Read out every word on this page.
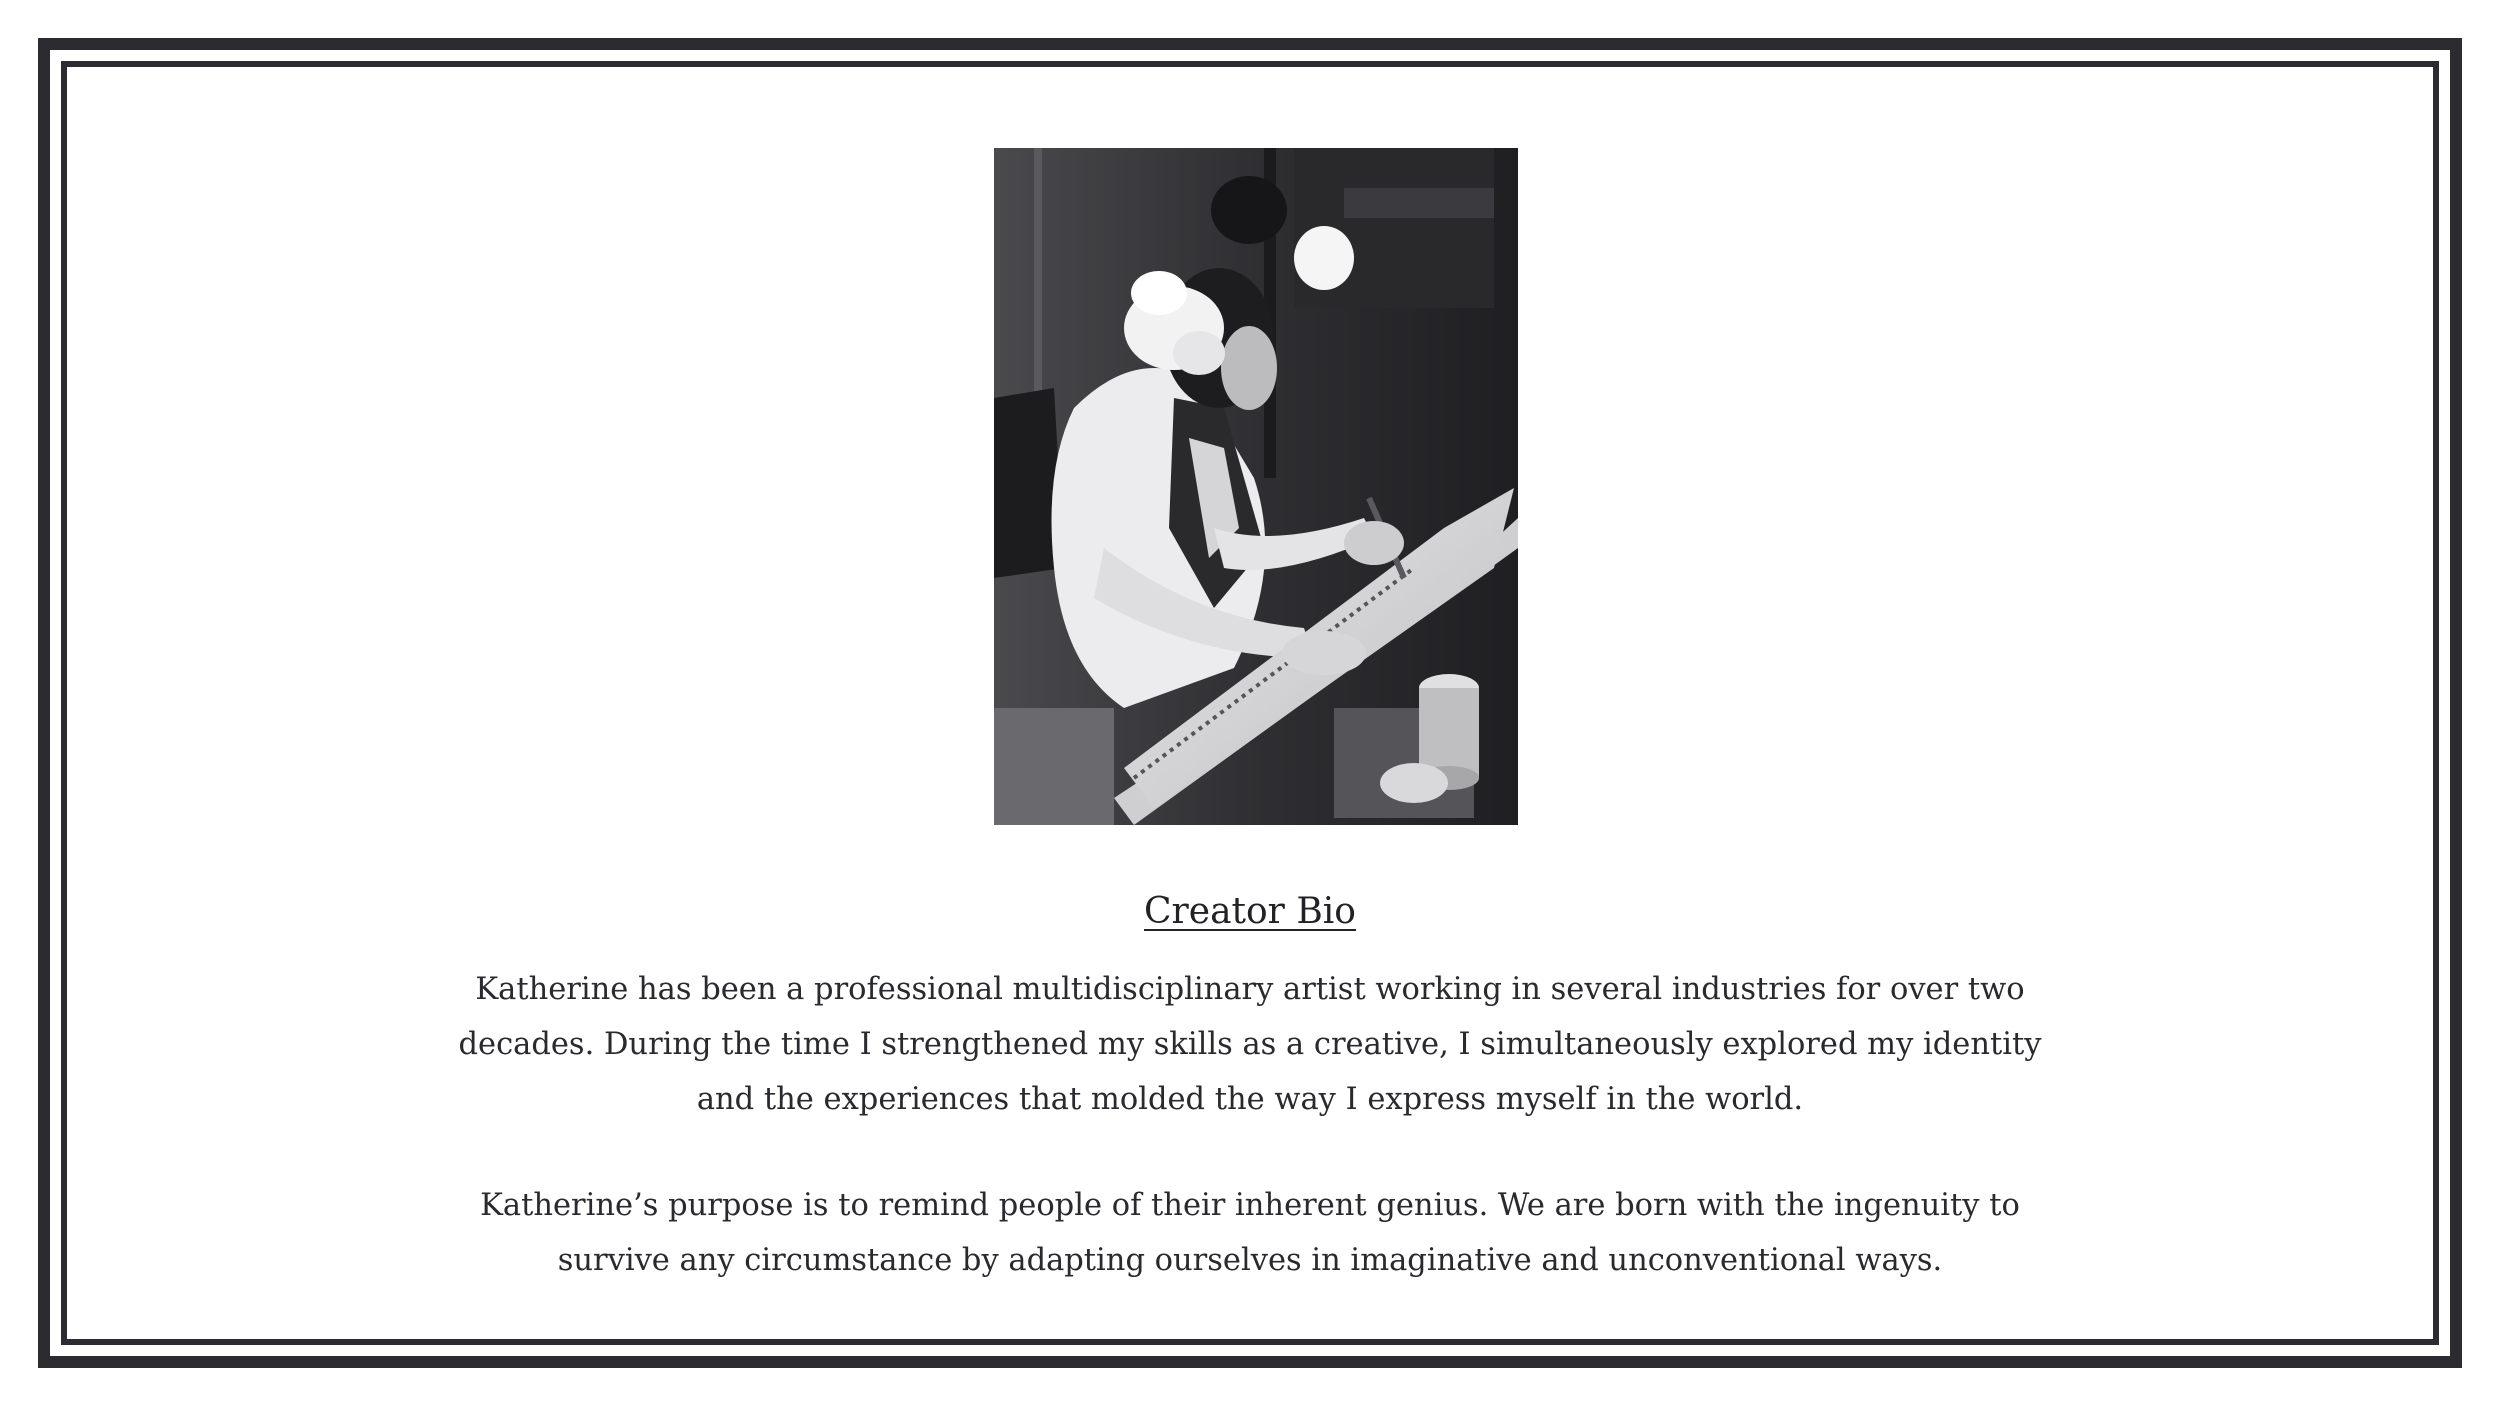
Creator Bio

Katherine has been a professional multidisciplinary artist working in several industries for over two decades. During the time I strengthened my skills as a creative, I simultaneously explored my identity and the experiences that molded the way I express myself in the world.

Katherine’s purpose is to remind people of their inherent genius. We are born with the ingenuity to survive any circumstance by adapting ourselves in imaginative and unconventional ways.
